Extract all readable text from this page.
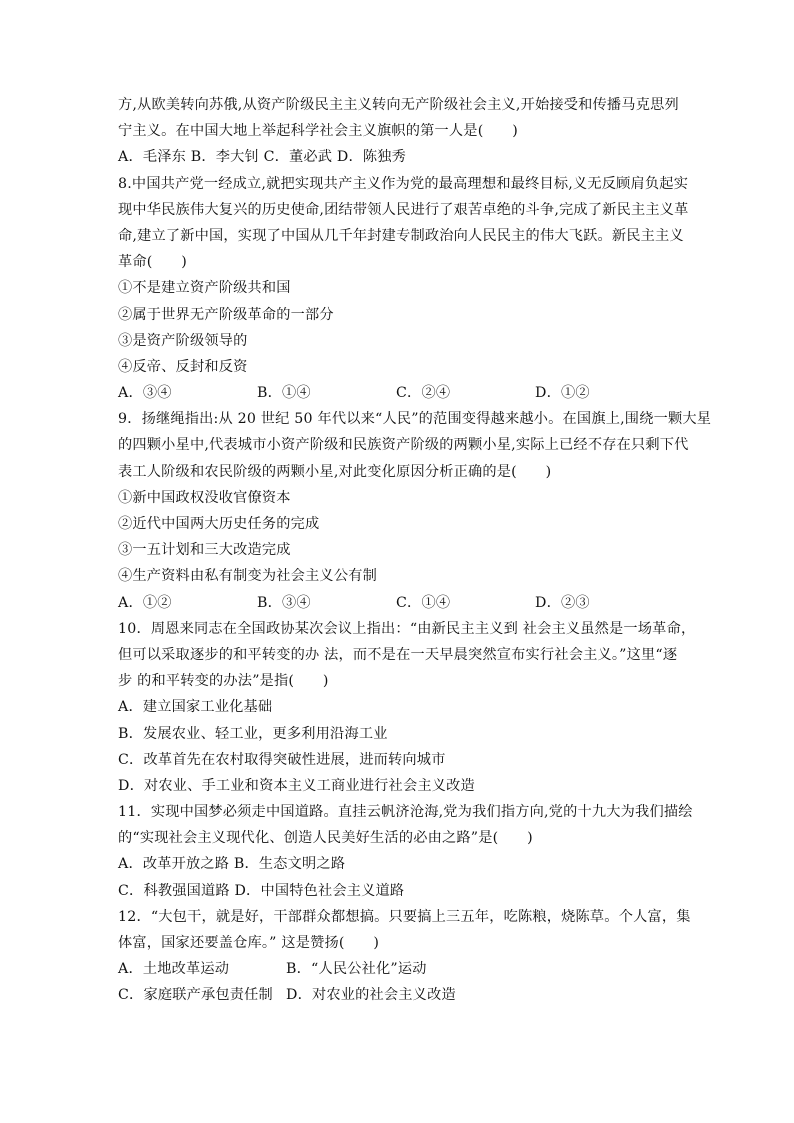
方,从欧美转向苏俄,从资产阶级民主主义转向无产阶级社会主义,开始接受和传播马克思列
宁主义。在中国大地上举起科学社会主义旗帜的第一人是(　　)
A．毛泽东 B．李大钊 C．董必武 D．陈独秀
8.中国共产党一经成立,就把实现共产主义作为党的最高理想和最终目标,义无反顾肩负起实
现中华民族伟大复兴的历史使命,团结带领人民进行了艰苦卓绝的斗争,完成了新民主主义革
命,建立了新中国，实现了中国从几千年封建专制政治向人民民主的伟大飞跃。新民主主义
革命(　　)
①不是建立资产阶级共和国
②属于世界无产阶级革命的一部分
③是资产阶级领导的
④反帝、反封和反资
A．③④	B．①④	C．②④	D．①②
9．扬继绳指出:从 20 世纪 50 年代以来“人民”的范围变得越来越小。在国旗上,围绕一颗大星
的四颗小星中,代表城市小资产阶级和民族资产阶级的两颗小星,实际上已经不存在只剩下代
表工人阶级和农民阶级的两颗小星,对此变化原因分析正确的是(　　)
①新中国政权没收官僚资本
②近代中国两大历史任务的完成
③一五计划和三大改造完成
④生产资料由私有制变为社会主义公有制
A．①②	B．③④	C．①④	D．②③
10．周恩来同志在全国政协某次会议上指出：“由新民主主义到 社会主义虽然是一场革命，
但可以采取逐步的和平转变的办 法，而不是在一天早晨突然宣布实行社会主义。”这里“逐
步 的和平转变的办法”是指(　　)
A．建立国家工业化基础
B．发展农业、轻工业，更多利用沿海工业
C．改革首先在农村取得突破性进展，进而转向城市
D．对农业、手工业和资本主义工商业进行社会主义改造
11．实现中国梦必须走中国道路。直挂云帆济沧海,党为我们指方向,党的十九大为我们描绘
的“实现社会主义现代化、创造人民美好生活的必由之路”是(　　)
A．改革开放之路 B．生态文明之路
C．科教强国道路 D．中国特色社会主义道路
12．“大包干，就是好，干部群众都想搞。只要搞上三五年，吃陈粮，烧陈草。个人富，集
体富，国家还要盖仓库。” 这是赞扬(　　)
A．土地改革运动	B．“人民公社化”运动
C．家庭联产承包责任制 D．对农业的社会主义改造
